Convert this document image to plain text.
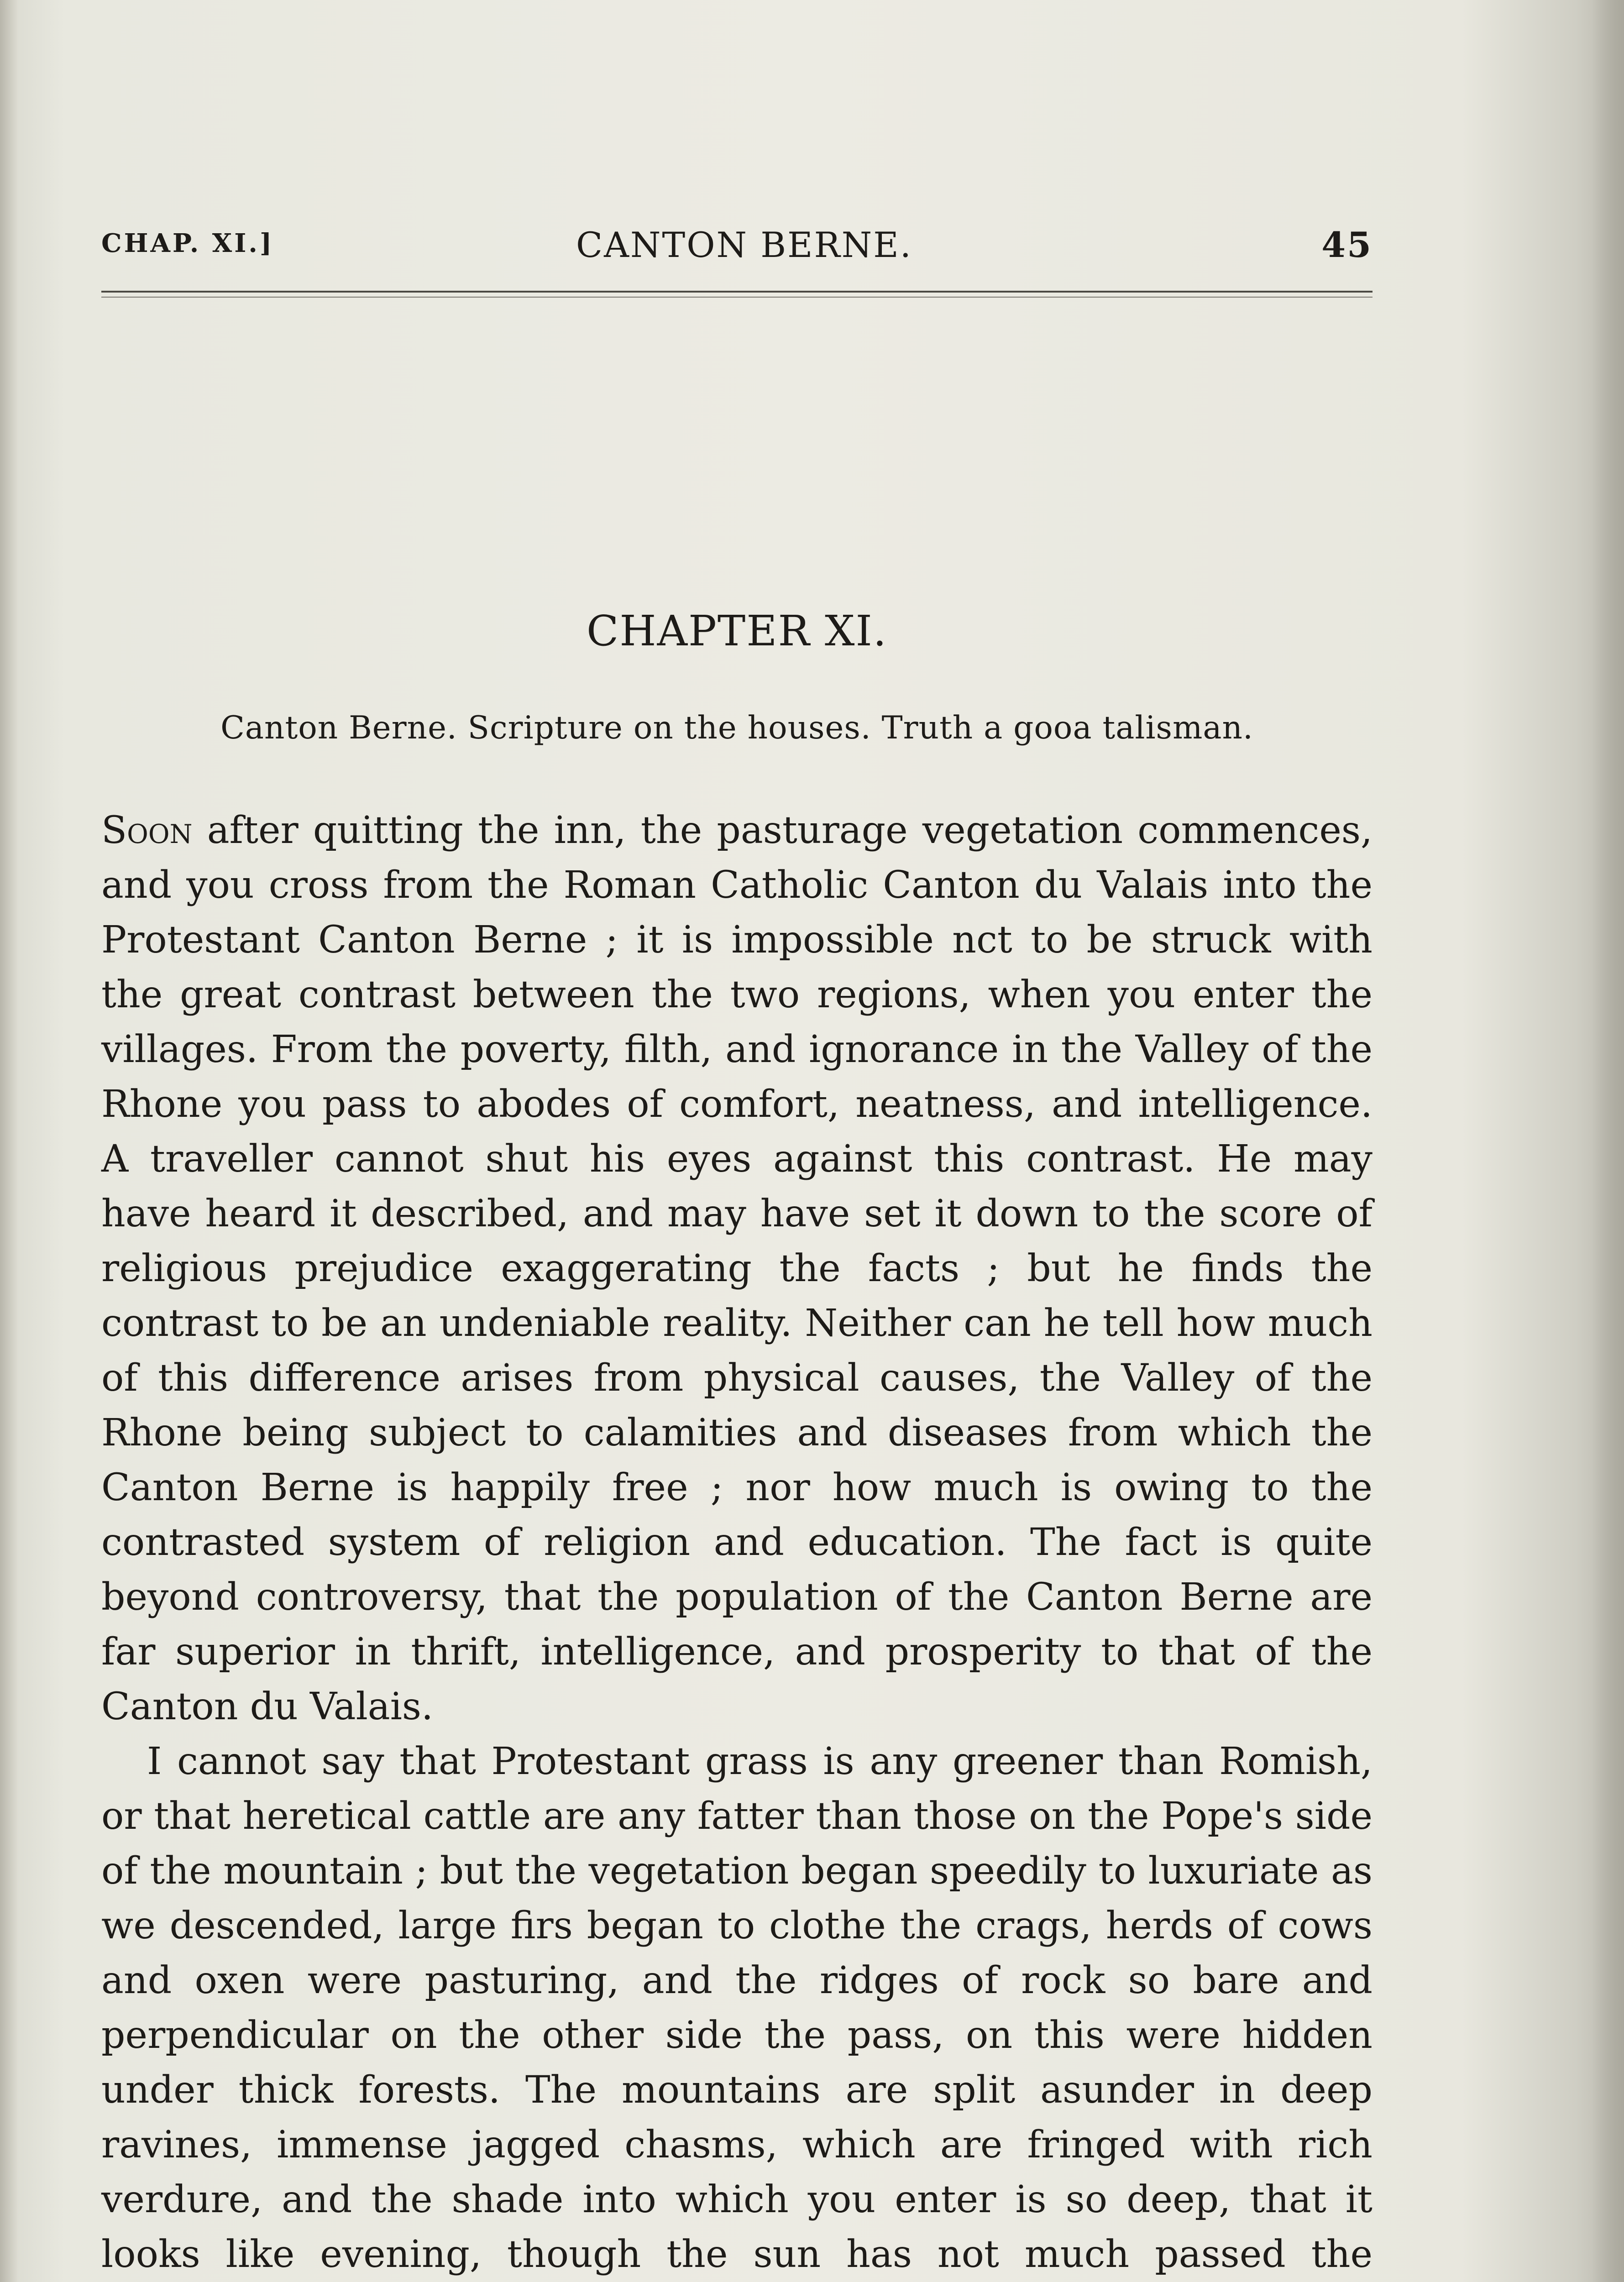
CHAP. XI.]	CANTON BERNE.	45
CHAPTER XI.
Canton Berne. Scripture on the houses. Truth a gooa talisman.

Soon after quitting the inn, the pasturage vegetation commences, and you cross from the Roman Catholic Canton du Valais into the Protestant Canton Berne ; it is impossible nct to be struck with the great contrast between the two regions, when you enter the villages. From the poverty, filth, and ignorance in the Valley of the Rhone you pass to abodes of comfort, neatness, and intelligence. A traveller cannot shut his eyes against this contrast. He may have heard it described, and may have set it down to the score of religious prejudice exaggerating the facts ; but he finds the contrast to be an undeniable reality. Neither can he tell how much of this difference arises from physical causes, the Valley of the Rhone being subject to calamities and diseases from which the Canton Berne is happily free ; nor how much is owing to the contrasted system of religion and education. The fact is quite beyond controversy, that the population of the Canton Berne are far superior in thrift, intelligence, and prosperity to that of the Canton du Valais.

I cannot say that Protestant grass is any greener than Romish, or that heretical cattle are any fatter than those on the Pope's side of the mountain ; but the vegetation began speedily to luxuriate as we descended, large firs began to clothe the crags, herds of cows and oxen were pasturing, and the ridges of rock so bare and perpendicular on the other side the pass, on this were hidden under thick forests. The mountains are split asunder in deep ravines, immense jagged chasms, which are fringed with rich verdure, and the shade into which you enter is so deep, that it looks like evening, though the sun has not much passed the
